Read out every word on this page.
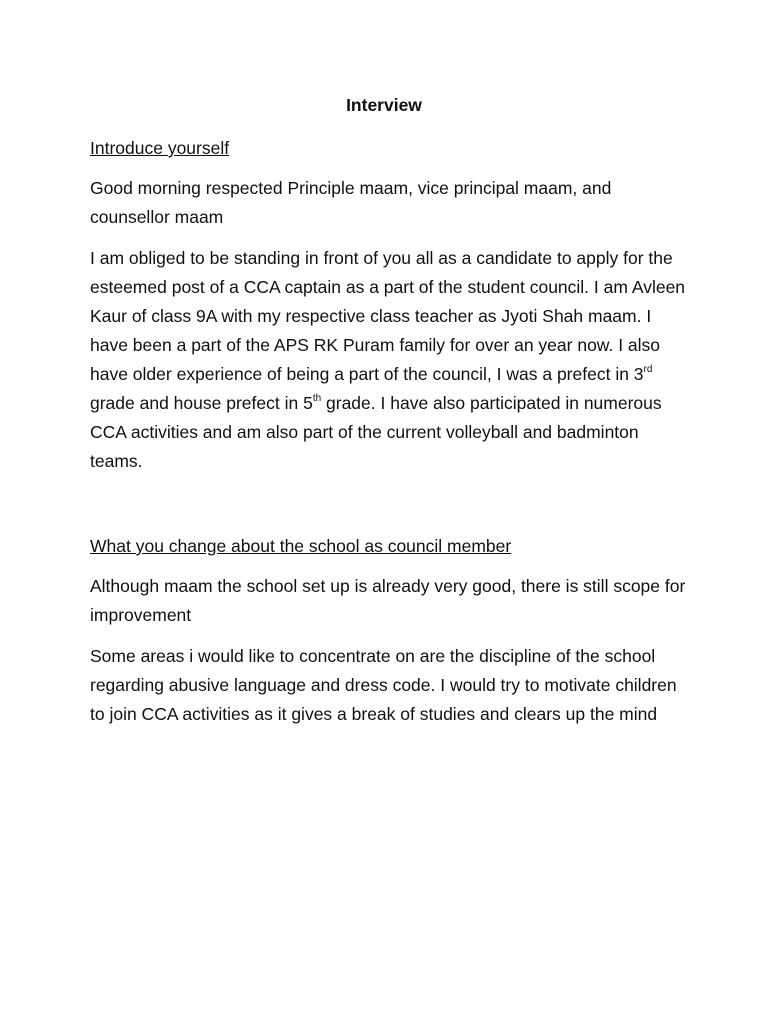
Interview
Introduce yourself

Good morning respected Principle maam, vice principal maam, and counsellor maam

I am obliged to be standing in front of you all as a candidate to apply for the esteemed post of a CCA captain as a part of the student council. I am Avleen Kaur of class 9A with my respective class teacher as Jyoti Shah maam. I have been a part of the APS RK Puram family for over an year now. I also have older experience of being a part of the council, I was a prefect in 3rd grade and house prefect in 5th grade. I have also participated in numerous CCA activities and am also part of the current volleyball and badminton teams.

What you change about the school as council member

Although maam the school set up is already very good, there is still scope for improvement

Some areas i would like to concentrate on are the discipline of the school regarding abusive language and dress code. I would try to motivate children to join CCA activities as it gives a break of studies and clears up the mind
